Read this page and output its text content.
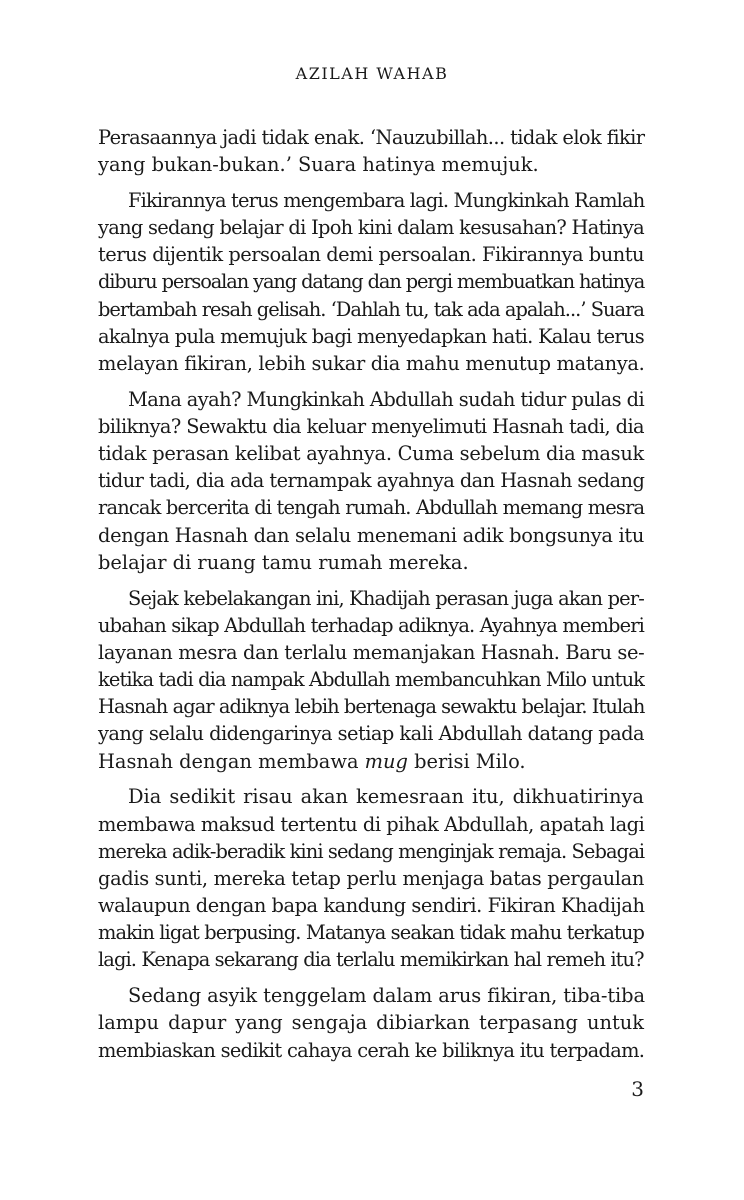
AZILAH WAHAB
Perasaannya jadi tidak enak. ‘Nauzubillah... tidak elok fikir
yang bukan-bukan.’ Suara hatinya memujuk.
Fikirannya terus mengembara lagi. Mungkinkah Ramlah
yang sedang belajar di Ipoh kini dalam kesusahan? Hatinya
terus dijentik persoalan demi persoalan. Fikirannya buntu
diburu persoalan yang datang dan pergi membuatkan hatinya
bertambah resah gelisah. ‘Dahlah tu, tak ada apalah...’ Suara
akalnya pula memujuk bagi menyedapkan hati. Kalau terus
melayan fikiran, lebih sukar dia mahu menutup matanya.
Mana ayah? Mungkinkah Abdullah sudah tidur pulas di
biliknya? Sewaktu dia keluar menyelimuti Hasnah tadi, dia
tidak perasan kelibat ayahnya. Cuma sebelum dia masuk
tidur tadi, dia ada ternampak ayahnya dan Hasnah sedang
rancak bercerita di tengah rumah. Abdullah memang mesra
dengan Hasnah dan selalu menemani adik bongsunya itu
belajar di ruang tamu rumah mereka.
Sejak kebelakangan ini, Khadijah perasan juga akan per-
ubahan sikap Abdullah terhadap adiknya. Ayahnya memberi
layanan mesra dan terlalu memanjakan Hasnah. Baru se-
ketika tadi dia nampak Abdullah membancuhkan Milo untuk
Hasnah agar adiknya lebih bertenaga sewaktu belajar. Itulah
yang selalu didengarinya setiap kali Abdullah datang pada
Hasnah dengan membawa mug berisi Milo.
Dia sedikit risau akan kemesraan itu, dikhuatirinya
membawa maksud tertentu di pihak Abdullah, apatah lagi
mereka adik-beradik kini sedang menginjak remaja. Sebagai
gadis sunti, mereka tetap perlu menjaga batas pergaulan
walaupun dengan bapa kandung sendiri. Fikiran Khadijah
makin ligat berpusing. Matanya seakan tidak mahu terkatup
lagi. Kenapa sekarang dia terlalu memikirkan hal remeh itu?
Sedang asyik tenggelam dalam arus fikiran, tiba-tiba
lampu dapur yang sengaja dibiarkan terpasang untuk
membiaskan sedikit cahaya cerah ke biliknya itu terpadam.
3
